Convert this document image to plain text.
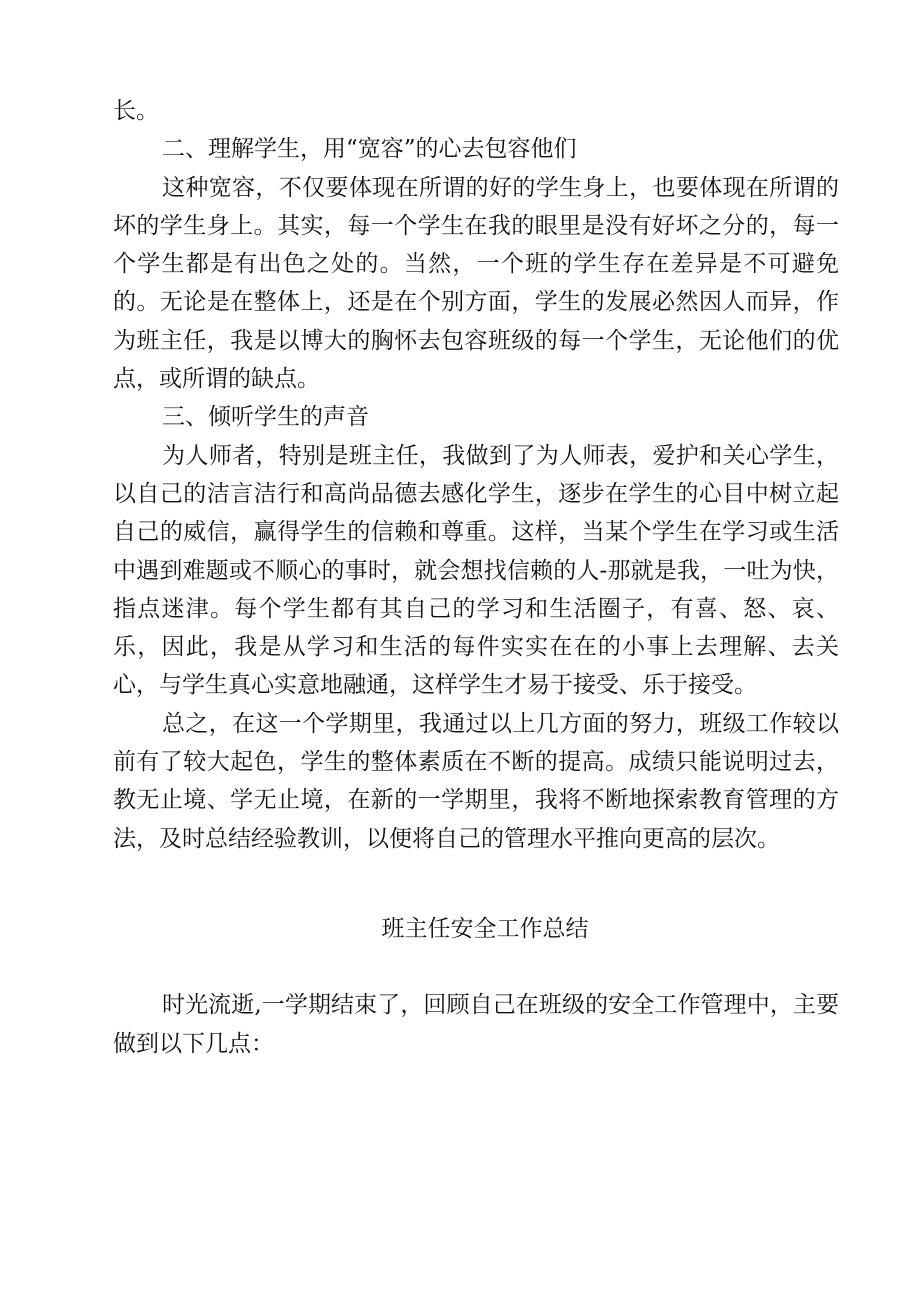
长。

二、理解学生，用“宽容”的心去包容他们

这种宽容，不仅要体现在所谓的好的学生身上，也要体现在所谓的坏的学生身上。其实，每一个学生在我的眼里是没有好坏之分的，每一个学生都是有出色之处的。当然，一个班的学生存在差异是不可避免的。无论是在整体上，还是在个别方面，学生的发展必然因人而异，作为班主任，我是以博大的胸怀去包容班级的每一个学生，无论他们的优点，或所谓的缺点。

三、倾听学生的声音

为人师者，特别是班主任，我做到了为人师表，爱护和关心学生，以自己的洁言洁行和高尚品德去感化学生，逐步在学生的心目中树立起自己的威信，赢得学生的信赖和尊重。这样，当某个学生在学习或生活中遇到难题或不顺心的事时，就会想找信赖的人-那就是我，一吐为快，指点迷津。每个学生都有其自己的学习和生活圈子，有喜、怒、哀、乐，因此，我是从学习和生活的每件实实在在的小事上去理解、去关心，与学生真心实意地融通，这样学生才易于接受、乐于接受。

总之，在这一个学期里，我通过以上几方面的努力，班级工作较以前有了较大起色，学生的整体素质在不断的提高。成绩只能说明过去，教无止境、学无止境，在新的一学期里，我将不断地探索教育管理的方法，及时总结经验教训，以便将自己的管理水平推向更高的层次。

班主任安全工作总结

时光流逝,一学期结束了，回顾自己在班级的安全工作管理中，主要做到以下几点：
